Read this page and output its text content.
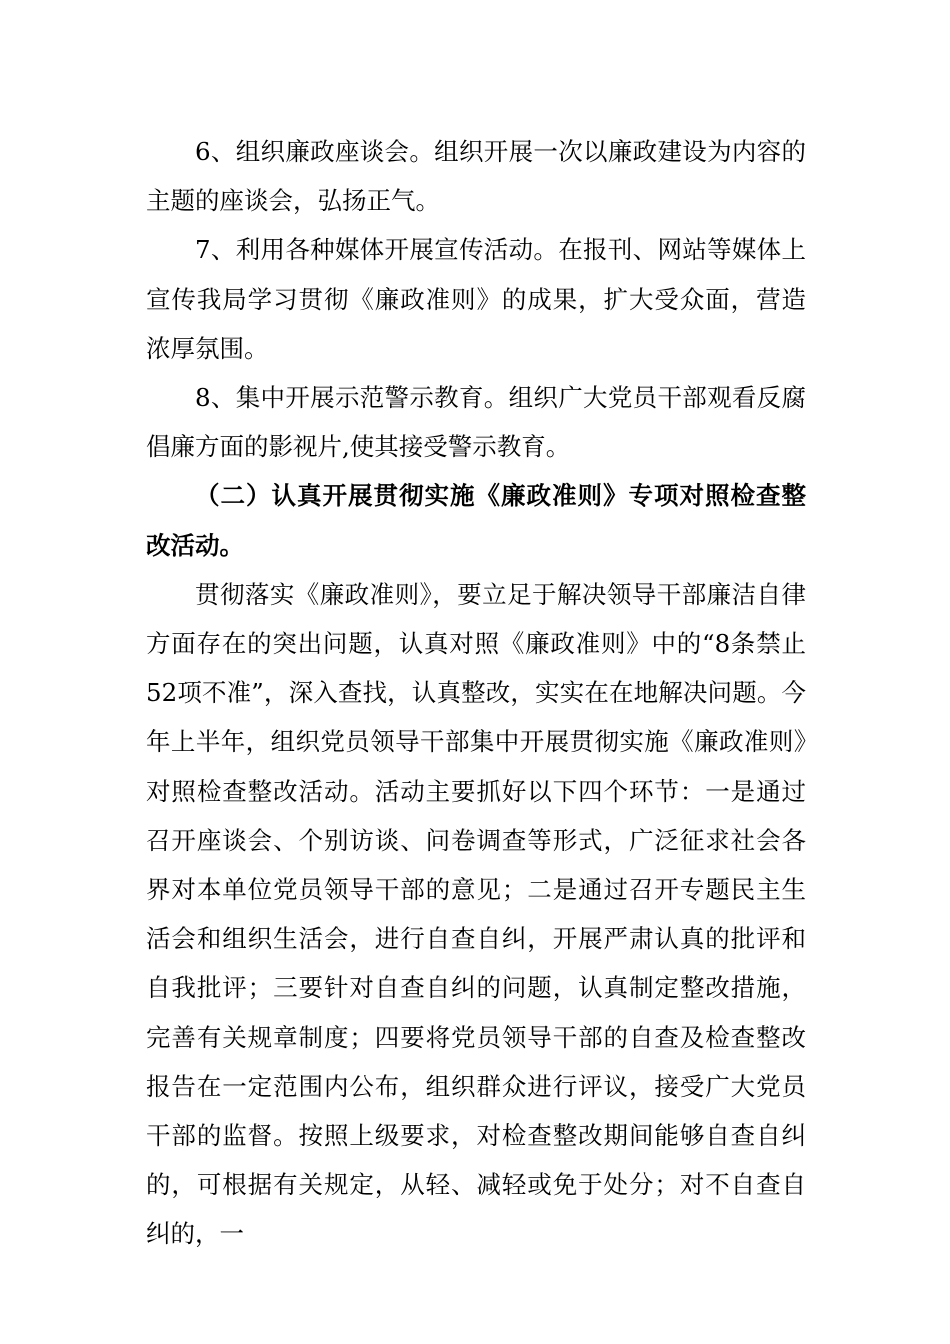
6、组织廉政座谈会。组织开展一次以廉政建设为内容的主题的座谈会，弘扬正气。

7、利用各种媒体开展宣传活动。在报刊、网站等媒体上宣传我局学习贯彻《廉政准则》的成果，扩大受众面，营造浓厚氛围。

8、集中开展示范警示教育。组织广大党员干部观看反腐倡廉方面的影视片,使其接受警示教育。

（二）认真开展贯彻实施《廉政准则》专项对照检查整改活动。

贯彻落实《廉政准则》，要立足于解决领导干部廉洁自律方面存在的突出问题，认真对照《廉政准则》中的“8条禁止52项不准”，深入查找，认真整改，实实在在地解决问题。今年上半年，组织党员领导干部集中开展贯彻实施《廉政准则》对照检查整改活动。活动主要抓好以下四个环节：一是通过召开座谈会、个别访谈、问卷调查等形式，广泛征求社会各界对本单位党员领导干部的意见；二是通过召开专题民主生活会和组织生活会，进行自查自纠，开展严肃认真的批评和自我批评；三要针对自查自纠的问题，认真制定整改措施，完善有关规章制度；四要将党员领导干部的自查及检查整改报告在一定范围内公布，组织群众进行评议，接受广大党员干部的监督。按照上级要求，对检查整改期间能够自查自纠的，可根据有关规定，从轻、减轻或免于处分；对不自查自纠的，一
